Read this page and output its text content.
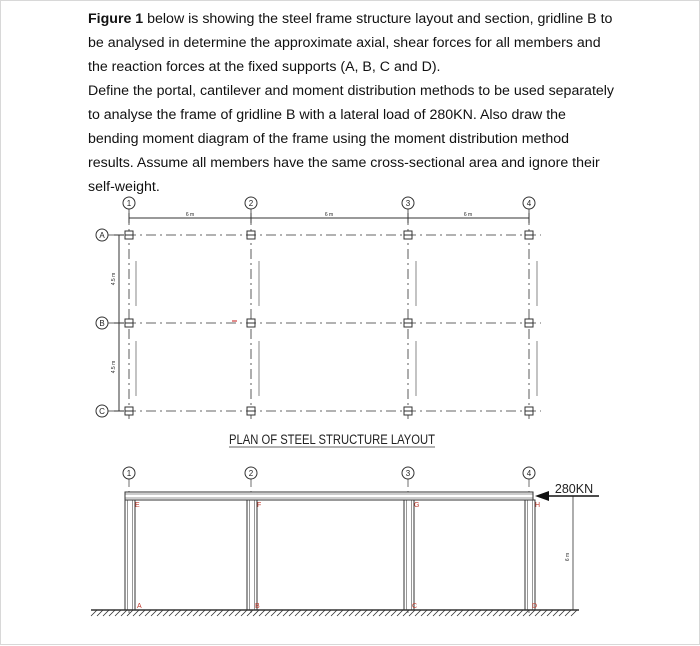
Figure 1 below is showing the steel frame structure layout and section, gridline B to be analysed in determine the approximate axial, shear forces for all members and the reaction forces at the fixed supports (A, B, C and D).

Define the portal, cantilever and moment distribution methods to be used separately to analyse the frame of gridline B with a lateral load of 280KN. Also draw the bending moment diagram of the frame using the moment distribution method results. Assume all members have the same cross-sectional area and ignore their self-weight.

1	2	3	4
A
B
C
6 m	6 m	6 m
4.5 m
4.5 m
PLAN OF STEEL STRUCTURE LAYOUT
1	2	3	4
280KN
6 m
E	F	G	H
A	B	C	D
